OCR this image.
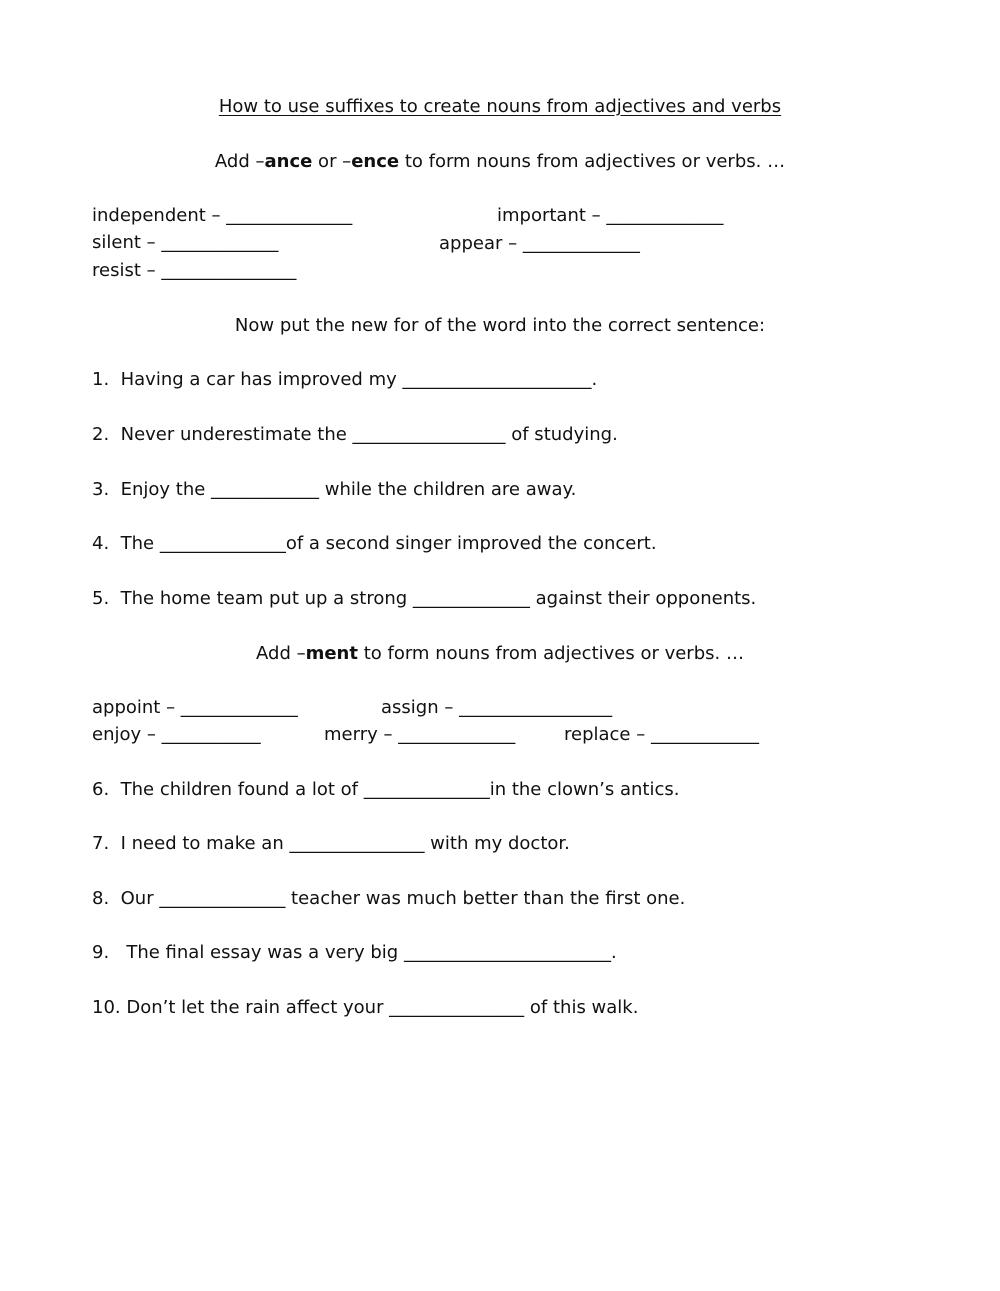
How to use suffixes to create nouns from adjectives and verbs
Add –ance or –ence to form nouns from adjectives or verbs. …
independent – ______________	important – _____________
silent – _____________	appear – _____________
resist – _______________
Now put the new for of the word into the correct sentence:
1.  Having a car has improved my _____________________.
2.  Never underestimate the _________________ of studying.
3.  Enjoy the ____________ while the children are away.
4.  The ______________of a second singer improved the concert.
5.  The home team put up a strong _____________ against their opponents.
Add –ment to form nouns from adjectives or verbs. …
appoint – _____________	assign – _________________
enjoy – ___________	merry – _____________	replace – ____________
6.  The children found a lot of ______________in the clown’s antics.
7.  I need to make an _______________ with my doctor.
8.  Our ______________ teacher was much better than the first one.
9.   The final essay was a very big _______________________.
10. Don’t let the rain affect your _______________ of this walk.
